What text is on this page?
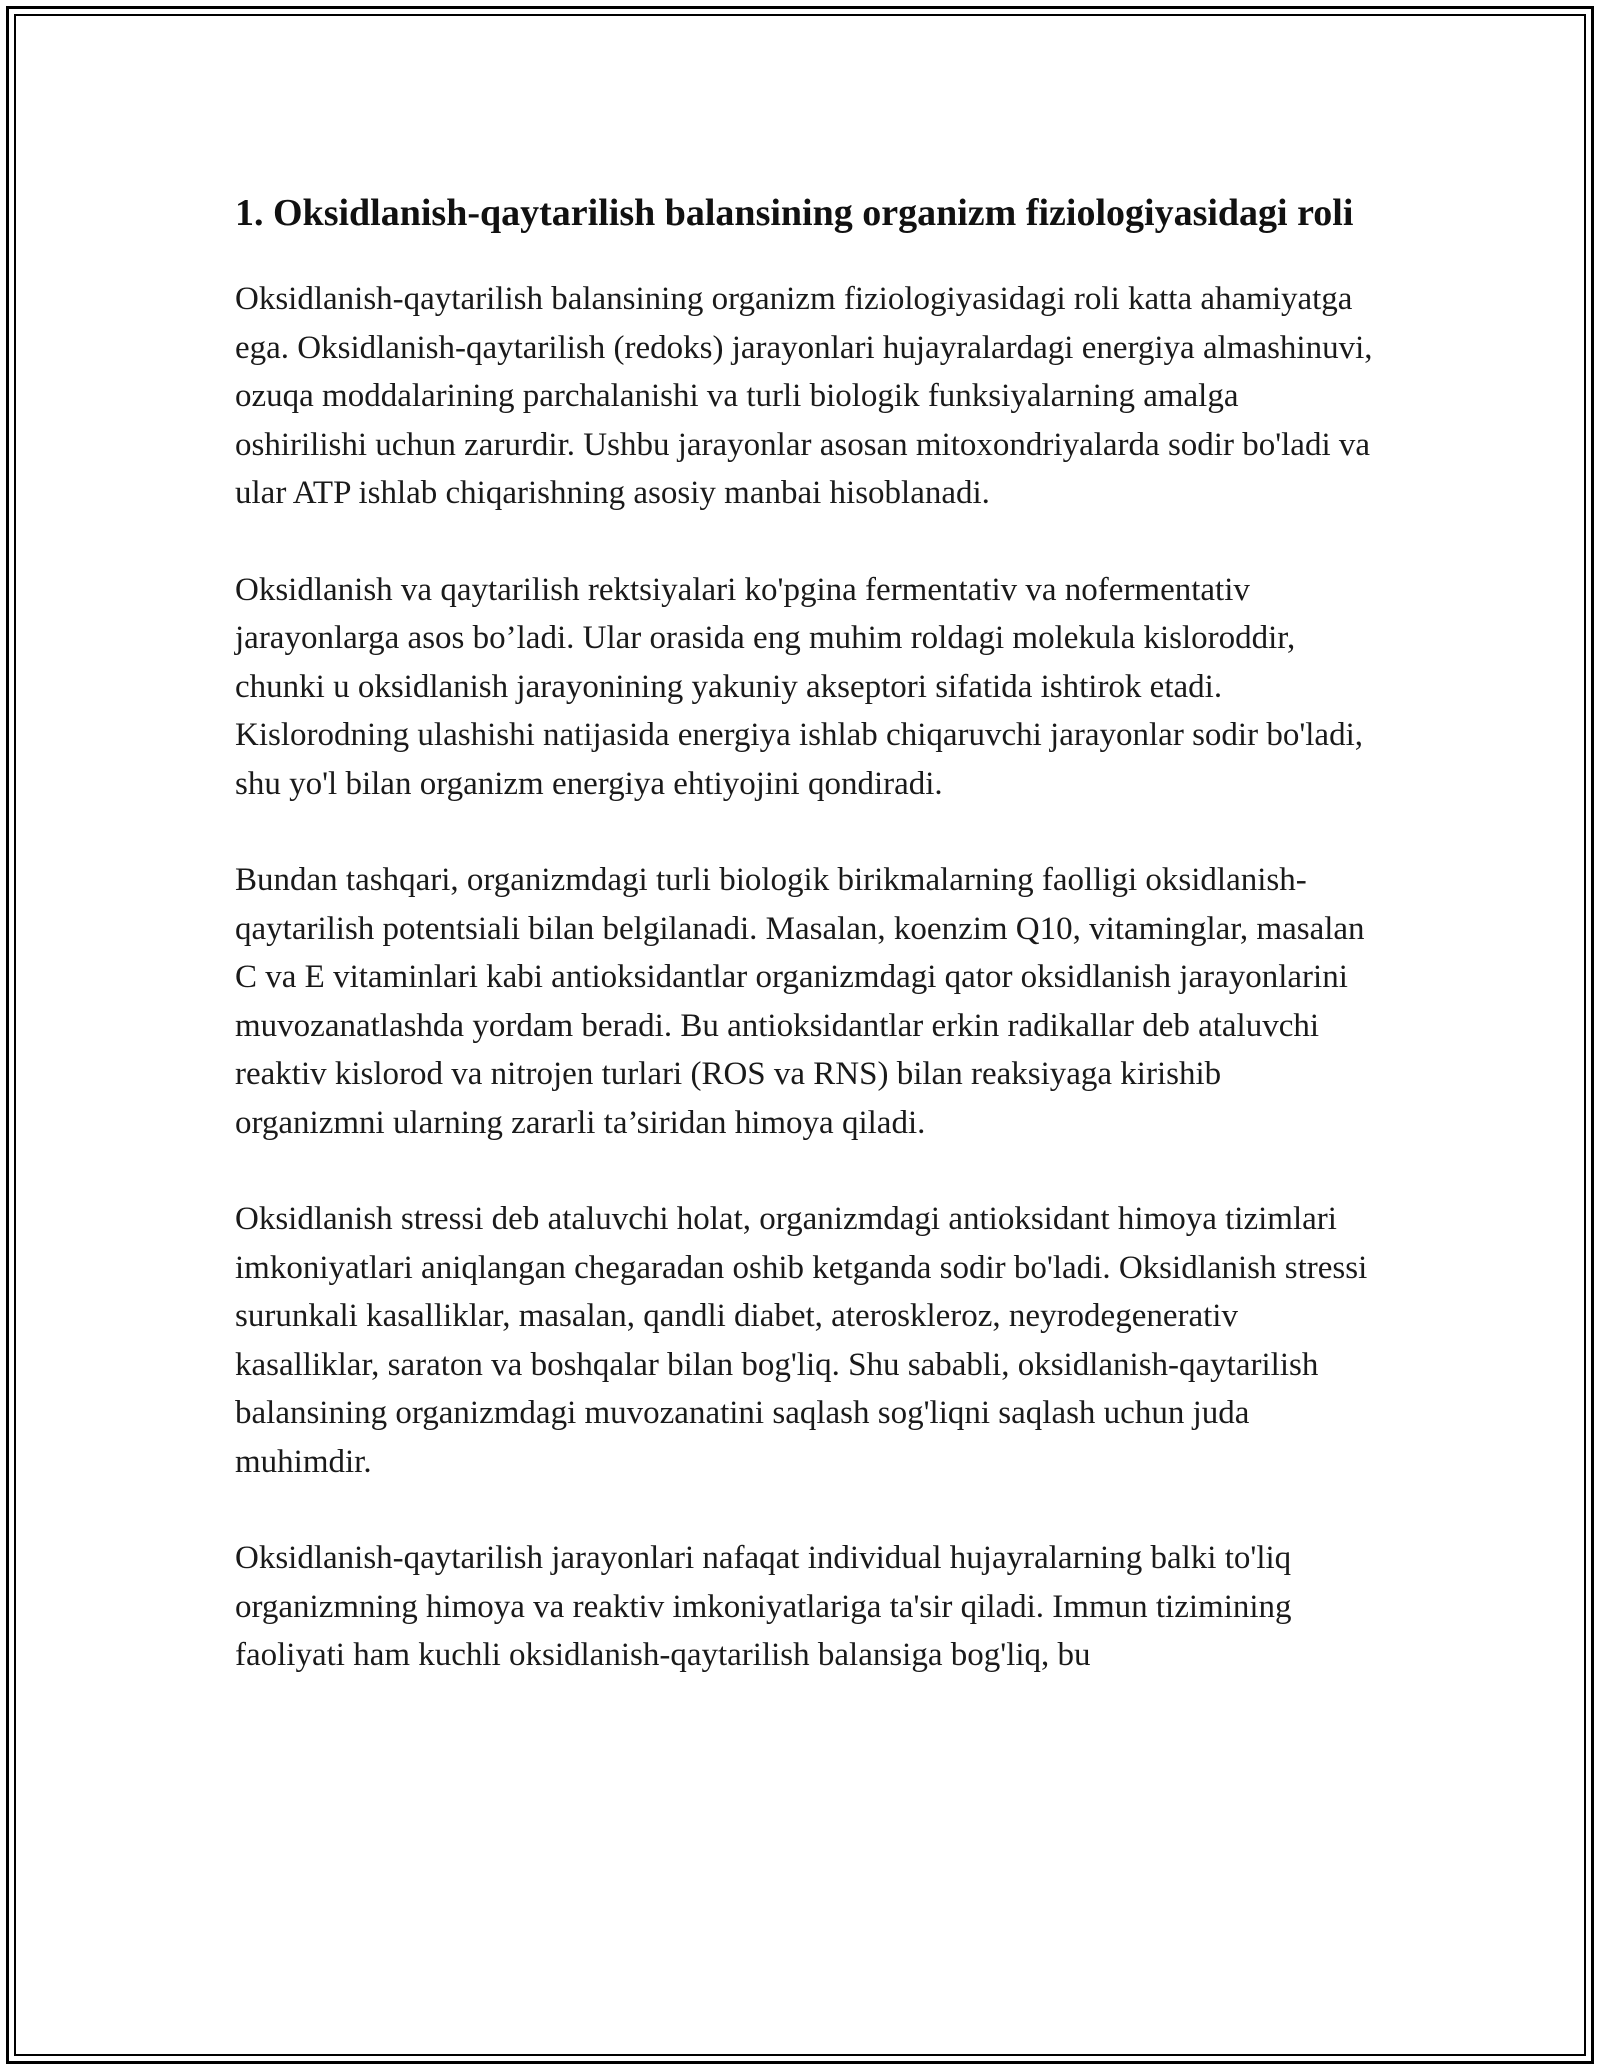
1. Oksidlanish-qaytarilish balansining organizm fiziologiyasidagi roli

Oksidlanish-qaytarilish balansining organizm fiziologiyasidagi roli katta ahamiyatga ega. Oksidlanish-qaytarilish (redoks) jarayonlari hujayralardagi energiya almashinuvi, ozuqa moddalarining parchalanishi va turli biologik funksiyalarning amalga oshirilishi uchun zarurdir. Ushbu jarayonlar asosan mitoxondriyalarda sodir bo'ladi va ular ATP ishlab chiqarishning asosiy manbai hisoblanadi.

Oksidlanish va qaytarilish rektsiyalari ko'pgina fermentativ va nofermentativ jarayonlarga asos bo’ladi. Ular orasida eng muhim roldagi molekula kisloroddir, chunki u oksidlanish jarayonining yakuniy akseptori sifatida ishtirok etadi. Kislorodning ulashishi natijasida energiya ishlab chiqaruvchi jarayonlar sodir bo'ladi, shu yo'l bilan organizm energiya ehtiyojini qondiradi.

Bundan tashqari, organizmdagi turli biologik birikmalarning faolligi oksidlanish-qaytarilish potentsiali bilan belgilanadi. Masalan, koenzim Q10, vitaminglar, masalan C va E vitaminlari kabi antioksidantlar organizmdagi qator oksidlanish jarayonlarini muvozanatlashda yordam beradi. Bu antioksidantlar erkin radikallar deb ataluvchi reaktiv kislorod va nitrojen turlari (ROS va RNS) bilan reaksiyaga kirishib organizmni ularning zararli ta’siridan himoya qiladi.

Oksidlanish stressi deb ataluvchi holat, organizmdagi antioksidant himoya tizimlari imkoniyatlari aniqlangan chegaradan oshib ketganda sodir bo'ladi. Oksidlanish stressi surunkali kasalliklar, masalan, qandli diabet, ateroskleroz, neyrodegenerativ kasalliklar, saraton va boshqalar bilan bog'liq. Shu sababli, oksidlanish-qaytarilish balansining organizmdagi muvozanatini saqlash sog'liqni saqlash uchun juda muhimdir.

Oksidlanish-qaytarilish jarayonlari nafaqat individual hujayralarning balki to'liq organizmning himoya va reaktiv imkoniyatlariga ta'sir qiladi. Immun tizimining faoliyati ham kuchli oksidlanish-qaytarilish balansiga bog'liq, bu
